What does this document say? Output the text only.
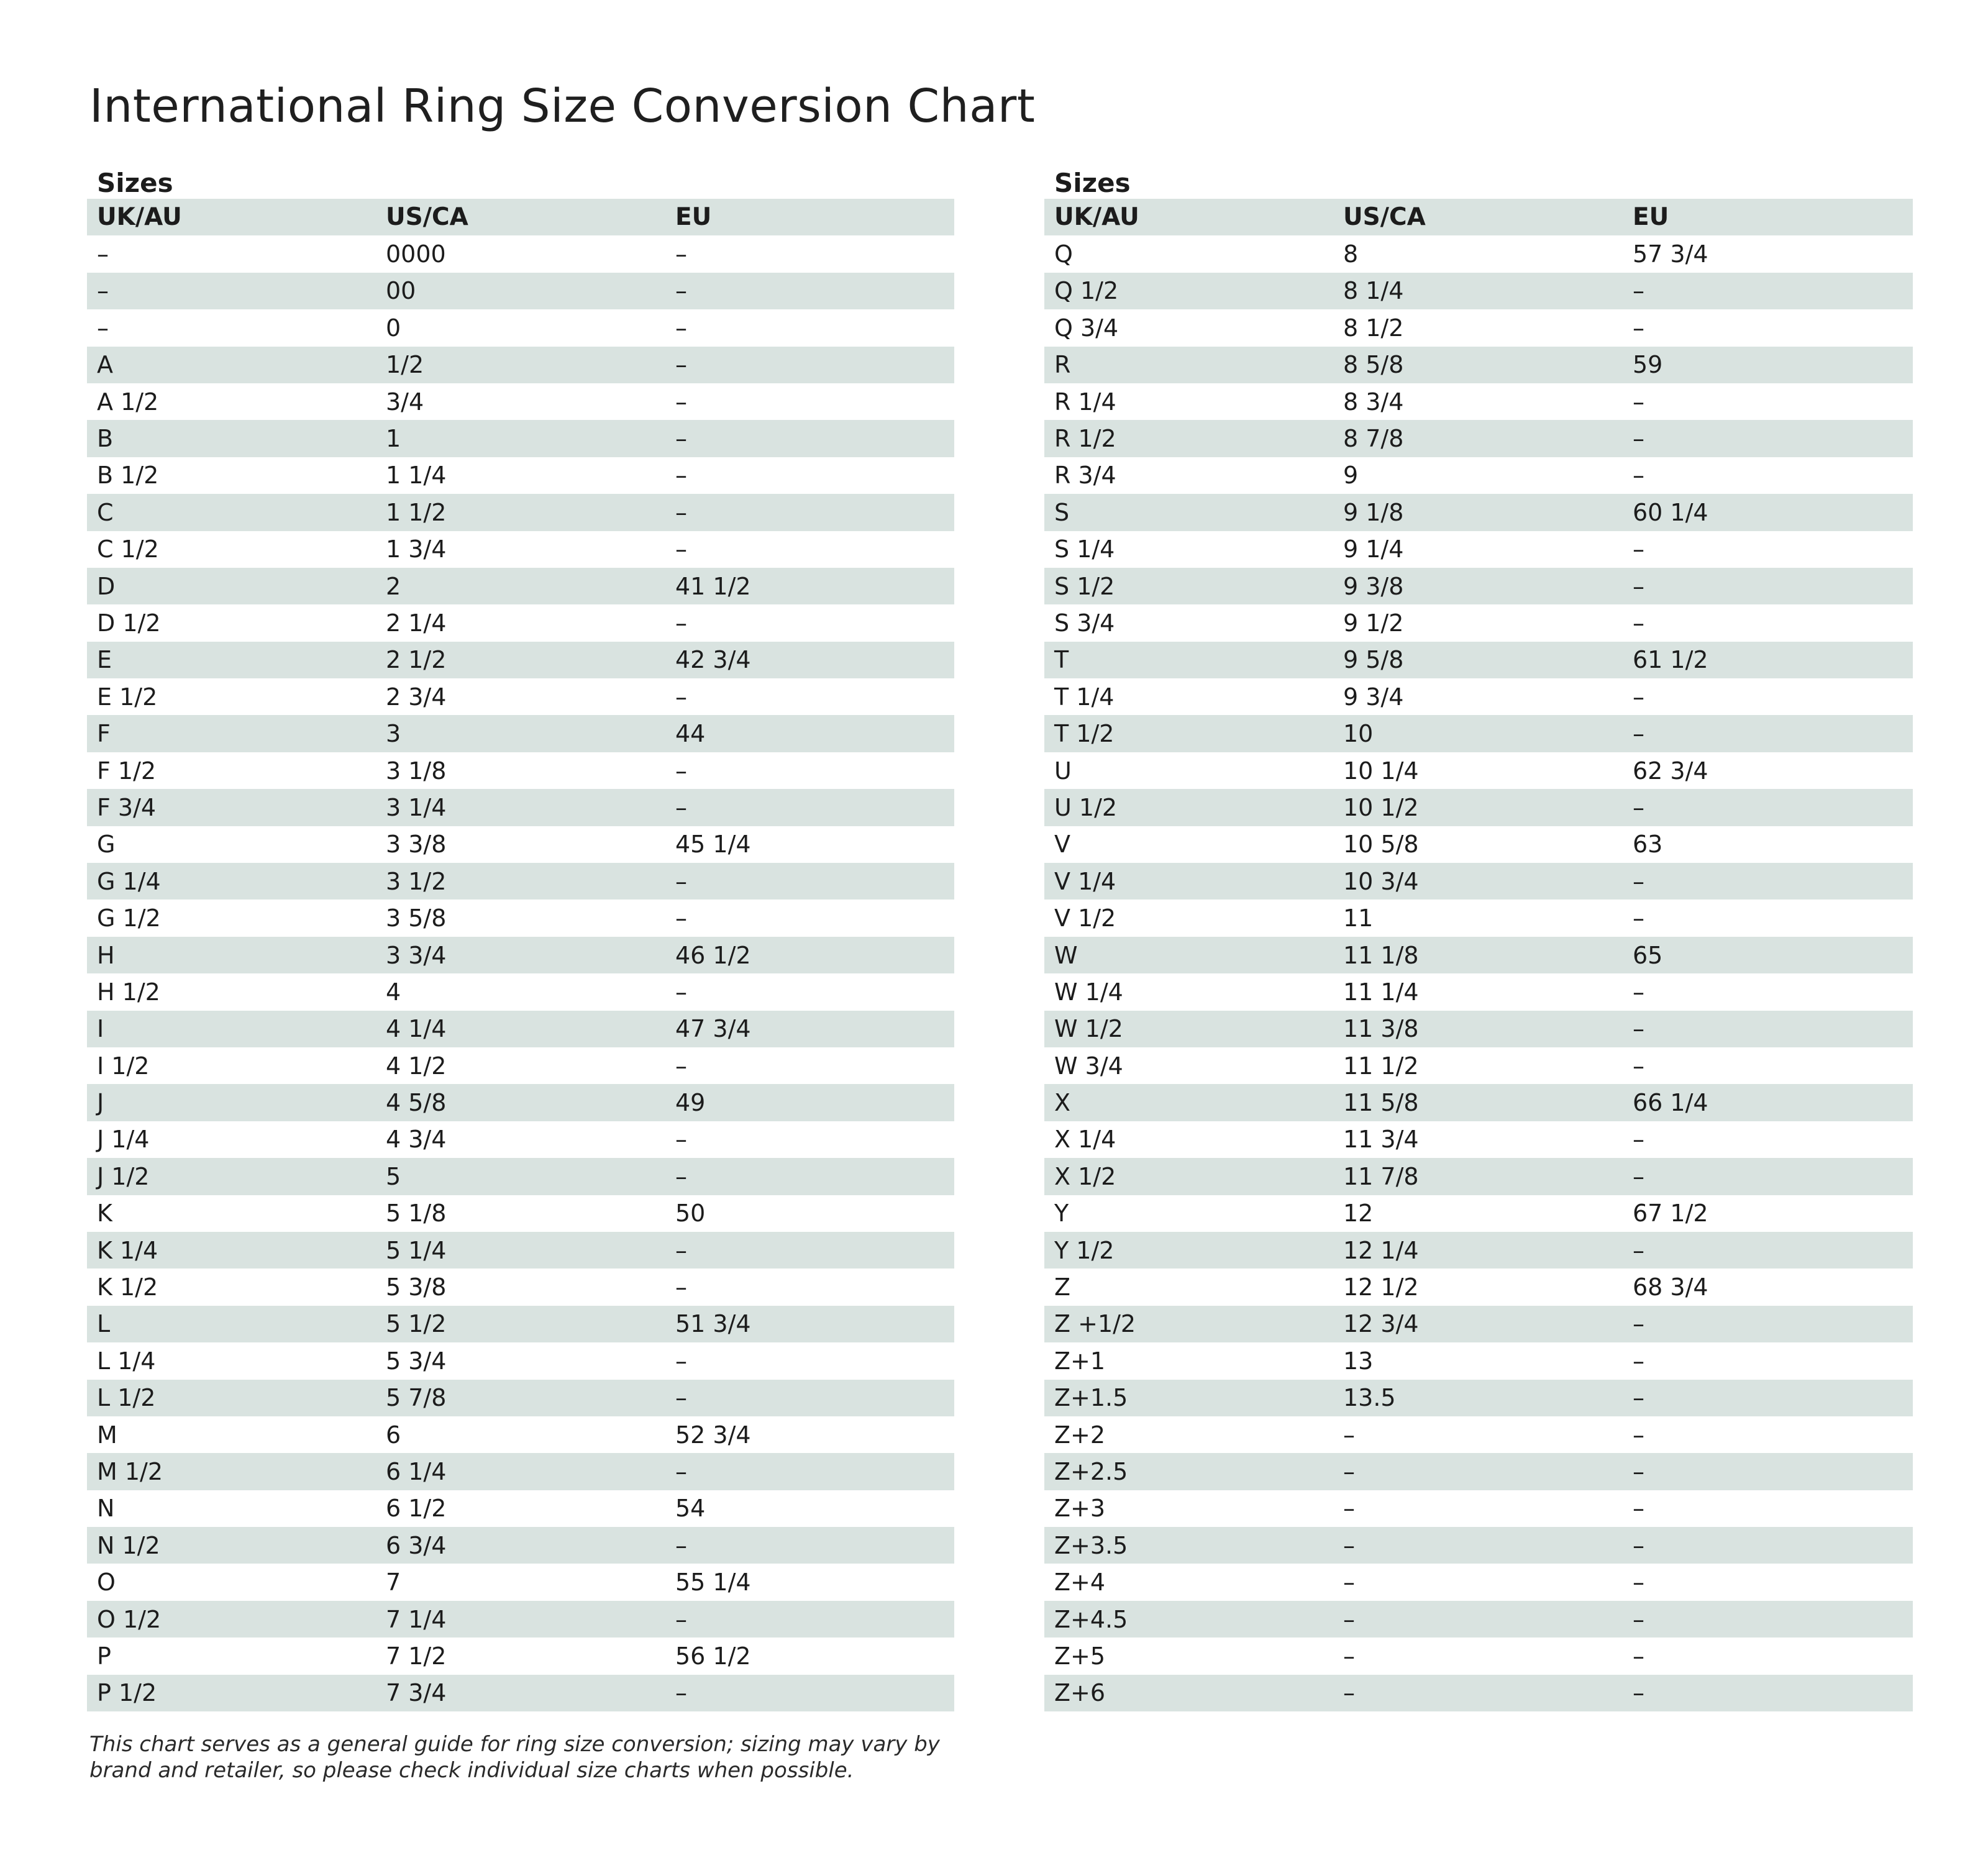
International Ring Size Conversion Chart
Sizes
UK/AU	US/CA	EU
–	0000	–
–	00	–
–	0	–
A	1/2	–
A 1/2	3/4	–
B	1	–
B 1/2	1 1/4	–
C	1 1/2	–
C 1/2	1 3/4	–
D	2	41 1/2
D 1/2	2 1/4	–
E	2 1/2	42 3/4
E 1/2	2 3/4	–
F	3	44
F 1/2	3 1/8	–
F 3/4	3 1/4	–
G	3 3/8	45 1/4
G 1/4	3 1/2	–
G 1/2	3 5/8	–
H	3 3/4	46 1/2
H 1/2	4	–
I	4 1/4	47 3/4
I 1/2	4 1/2	–
J	4 5/8	49
J 1/4	4 3/4	–
J 1/2	5	–
K	5 1/8	50
K 1/4	5 1/4	–
K 1/2	5 3/8	–
L	5 1/2	51 3/4
L 1/4	5 3/4	–
L 1/2	5 7/8	–
M	6	52 3/4
M 1/2	6 1/4	–
N	6 1/2	54
N 1/2	6 3/4	–
O	7	55 1/4
O 1/2	7 1/4	–
P	7 1/2	56 1/2
P 1/2	7 3/4	–
Sizes
UK/AU	US/CA	EU
Q	8	57 3/4
Q 1/2	8 1/4	–
Q 3/4	8 1/2	–
R	8 5/8	59
R 1/4	8 3/4	–
R 1/2	8 7/8	–
R 3/4	9	–
S	9 1/8	60 1/4
S 1/4	9 1/4	–
S 1/2	9 3/8	–
S 3/4	9 1/2	–
T	9 5/8	61 1/2
T 1/4	9 3/4	–
T 1/2	10	–
U	10 1/4	62 3/4
U 1/2	10 1/2	–
V	10 5/8	63
V 1/4	10 3/4	–
V 1/2	11	–
W	11 1/8	65
W 1/4	11 1/4	–
W 1/2	11 3/8	–
W 3/4	11 1/2	–
X	11 5/8	66 1/4
X 1/4	11 3/4	–
X 1/2	11 7/8	–
Y	12	67 1/2
Y 1/2	12 1/4	–
Z	12 1/2	68 3/4
Z +1/2	12 3/4	–
Z+1	13	–
Z+1.5	13.5	–
Z+2	–	–
Z+2.5	–	–
Z+3	–	–
Z+3.5	–	–
Z+4	–	–
Z+4.5	–	–
Z+5	–	–
Z+6	–	–
This chart serves as a general guide for ring size conversion; sizing may vary by
brand and retailer, so please check individual size charts when possible.
